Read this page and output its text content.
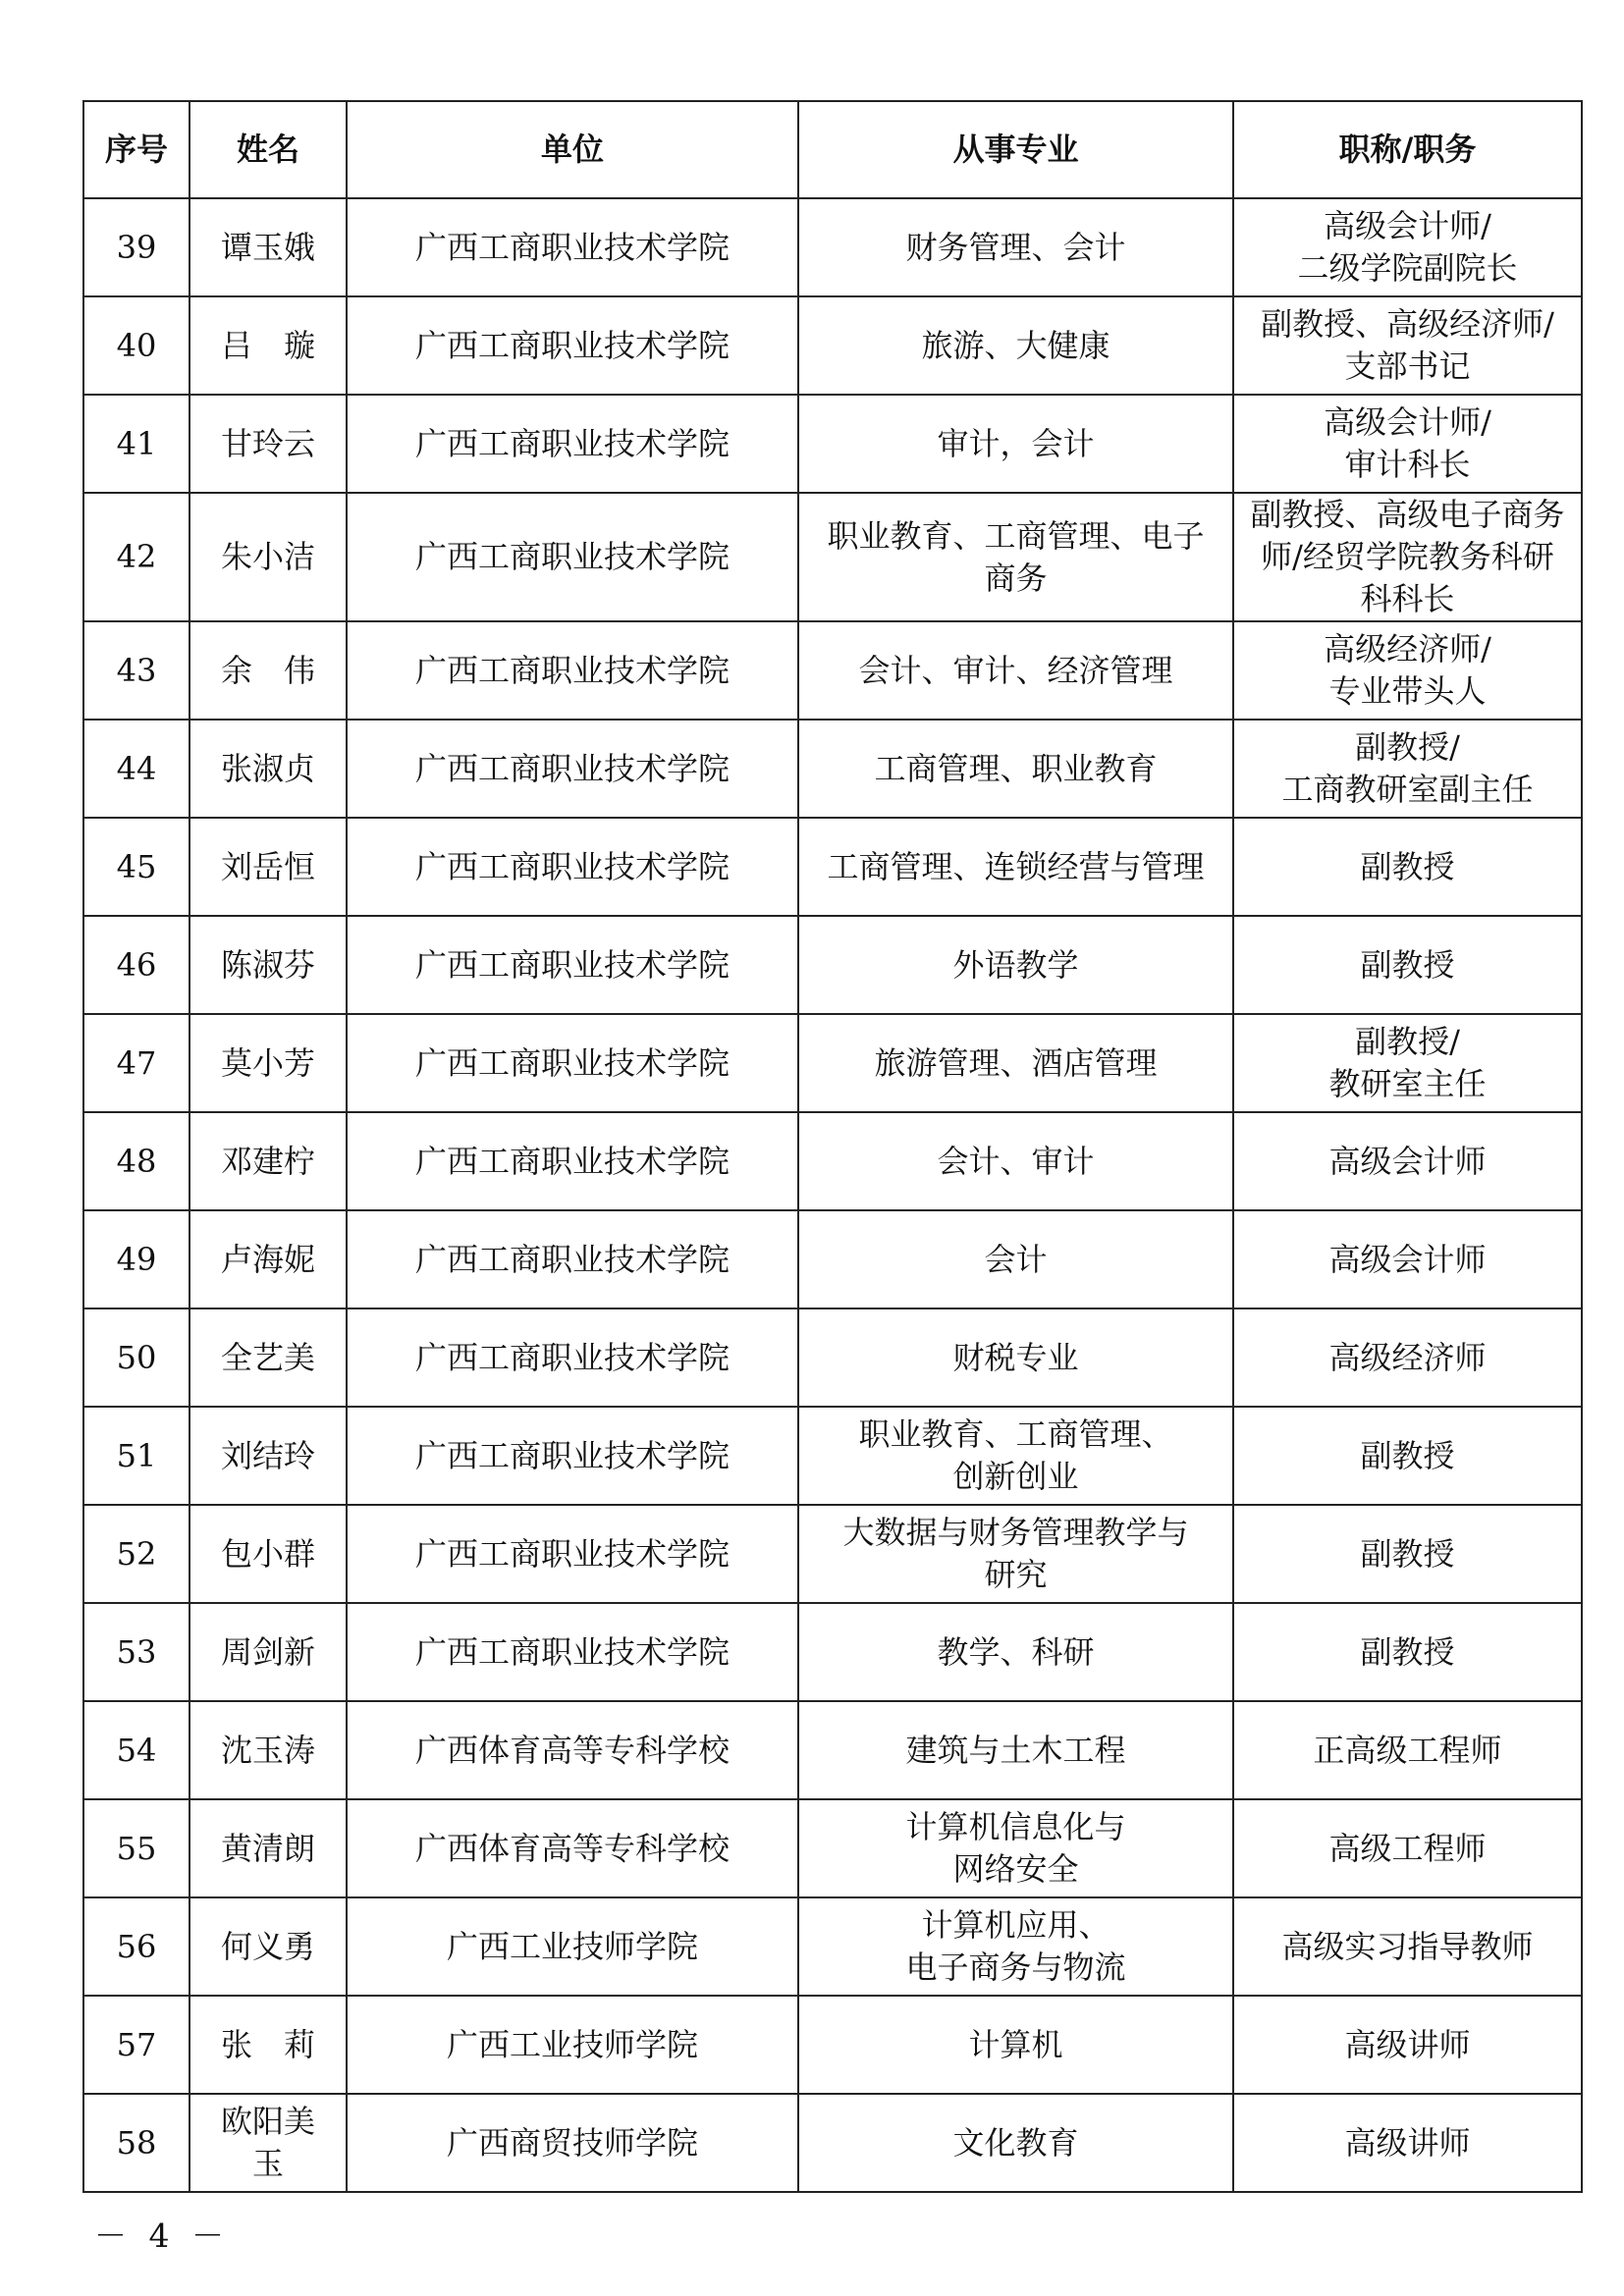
序号	姓名	单位	从事专业	职称/职务
39	谭玉娥	广西工商职业技术学院	财务管理、会计	高级会计师/
二级学院副院长
40	吕　璇	广西工商职业技术学院	旅游、大健康	副教授、高级经济师/
支部书记
41	甘玲云	广西工商职业技术学院	审计，会计	高级会计师/
审计科长
42	朱小洁	广西工商职业技术学院	职业教育、工商管理、电子
商务	副教授、高级电子商务
师/经贸学院教务科研
科科长
43	余　伟	广西工商职业技术学院	会计、审计、经济管理	高级经济师/
专业带头人
44	张淑贞	广西工商职业技术学院	工商管理、职业教育	副教授/
工商教研室副主任
45	刘岳恒	广西工商职业技术学院	工商管理、连锁经营与管理	副教授
46	陈淑芬	广西工商职业技术学院	外语教学	副教授
47	莫小芳	广西工商职业技术学院	旅游管理、酒店管理	副教授/
教研室主任
48	邓建柠	广西工商职业技术学院	会计、审计	高级会计师
49	卢海妮	广西工商职业技术学院	会计	高级会计师
50	全艺美	广西工商职业技术学院	财税专业	高级经济师
51	刘结玲	广西工商职业技术学院	职业教育、工商管理、
创新创业	副教授
52	包小群	广西工商职业技术学院	大数据与财务管理教学与
研究	副教授
53	周剑新	广西工商职业技术学院	教学、科研	副教授
54	沈玉涛	广西体育高等专科学校	建筑与土木工程	正高级工程师
55	黄清朗	广西体育高等专科学校	计算机信息化与
网络安全	高级工程师
56	何义勇	广西工业技师学院	计算机应用、
电子商务与物流	高级实习指导教师
57	张　莉	广西工业技师学院	计算机	高级讲师
58	欧阳美
玉	广西商贸技师学院	文化教育	高级讲师
－ 4 －
